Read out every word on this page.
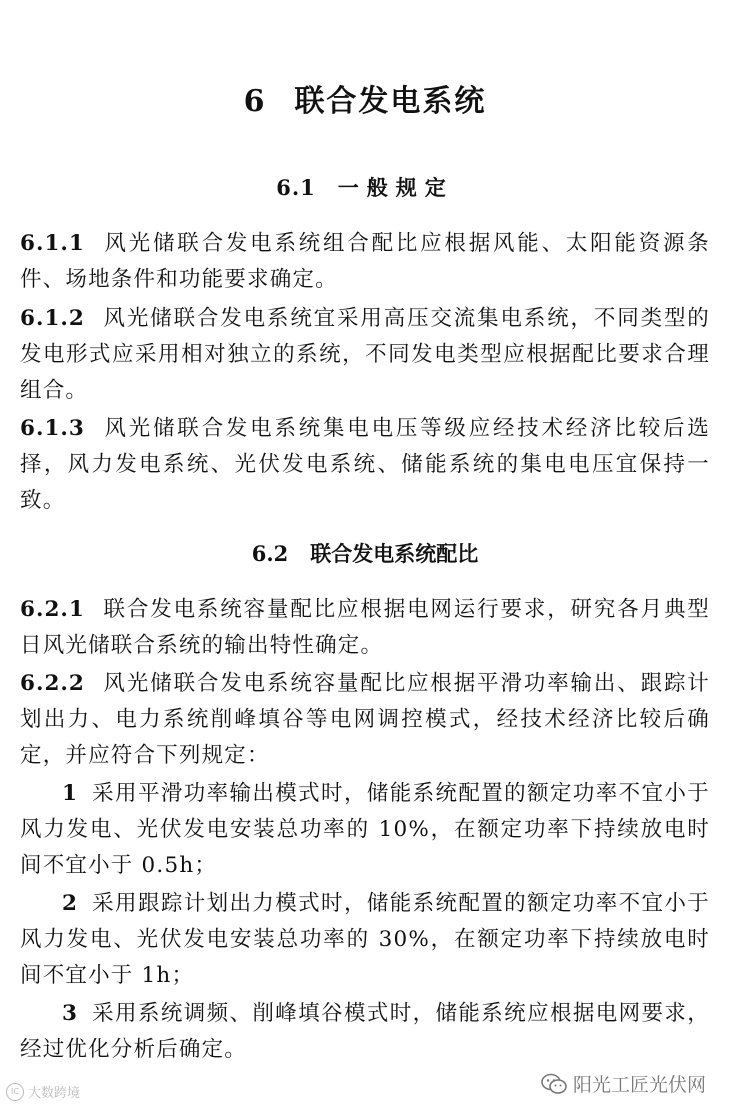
6 联合发电系统
6.1 一般规定
6.1.1 风光储联合发电系统组合配比应根据风能、太阳能资源条件、场地条件和功能要求确定。
6.1.2 风光储联合发电系统宜采用高压交流集电系统，不同类型的发电形式应采用相对独立的系统，不同发电类型应根据配比要求合理组合。
6.1.3 风光储联合发电系统集电电压等级应经技术经济比较后选择，风力发电系统、光伏发电系统、储能系统的集电电压宜保持一致。
6.2 联合发电系统配比
6.2.1 联合发电系统容量配比应根据电网运行要求，研究各月典型日风光储联合系统的输出特性确定。
6.2.2 风光储联合发电系统容量配比应根据平滑功率输出、跟踪计划出力、电力系统削峰填谷等电网调控模式，经技术经济比较后确定，并应符合下列规定：
1 采用平滑功率输出模式时，储能系统配置的额定功率不宜小于风力发电、光伏发电安装总功率的 10%，在额定功率下持续放电时间不宜小于 0.5h；
2 采用跟踪计划出力模式时，储能系统配置的额定功率不宜小于风力发电、光伏发电安装总功率的 30%，在额定功率下持续放电时间不宜小于 1h；
3 采用系统调频、削峰填谷模式时，储能系统应根据电网要求，经过优化分析后确定。
IC 大数跨境	阳光工匠光伏网
